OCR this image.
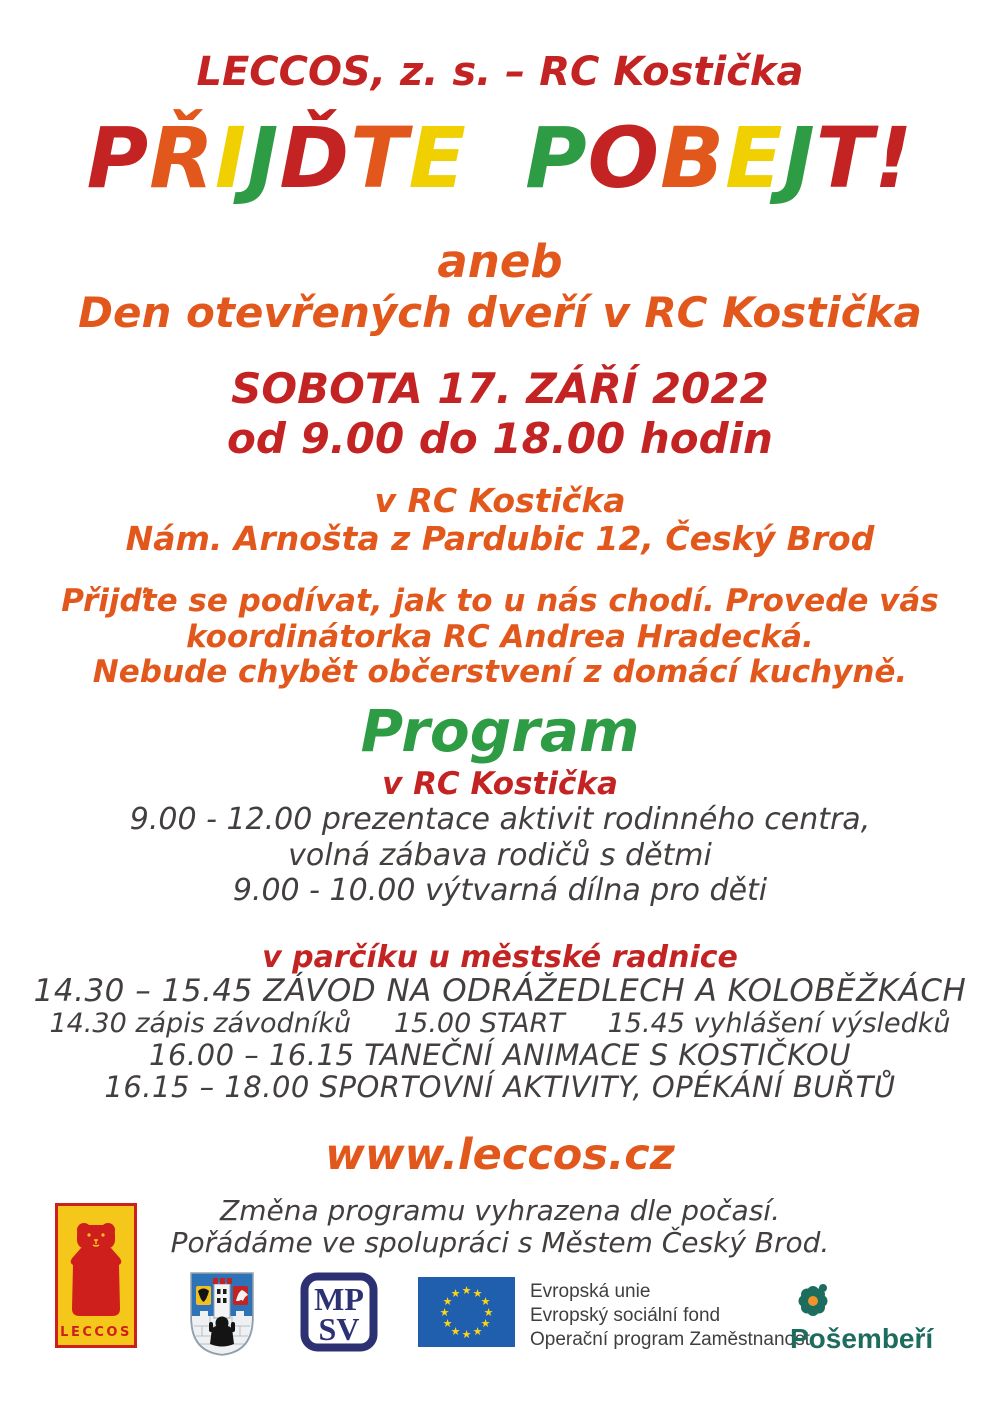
LECCOS, z. s. – RC Kostička
PŘIJĎTE POBEJT!
aneb
Den otevřených dveří v RC Kostička
SOBOTA 17. ZÁŘÍ 2022
od 9.00 do 18.00 hodin
v RC Kostička
Nám. Arnošta z Pardubic 12, Český Brod
Přijďte se podívat, jak to u nás chodí. Provede vás
koordinátorka RC Andrea Hradecká.
Nebude chybět občerstvení z domácí kuchyně.
Program
v RC Kostička
9.00 - 12.00 prezentace aktivit rodinného centra,
volná zábava rodičů s dětmi
9.00 - 10.00 výtvarná dílna pro děti
v parčíku u městské radnice
14.30 – 15.45 ZÁVOD NA ODRÁŽEDLECH A KOLOBĚŽKÁCH
14.30 zápis závodníků     15.00 START     15.45 vyhlášení výsledků
16.00 – 16.15 TANEČNÍ ANIMACE S KOSTIČKOU
16.15 – 18.00 SPORTOVNÍ AKTIVITY, OPÉKÁNÍ BUŘTŮ
www.leccos.cz
Změna programu vyhrazena dle počasí.
Pořádáme ve spolupráci s Městem Český Brod.
LECCOS
MP
SV
★ ★
★
★
★
★
★
★
★
★
★
★	Evropská unie
Evropský sociální fond
Operační program Zaměstnanost
Pošembeří
